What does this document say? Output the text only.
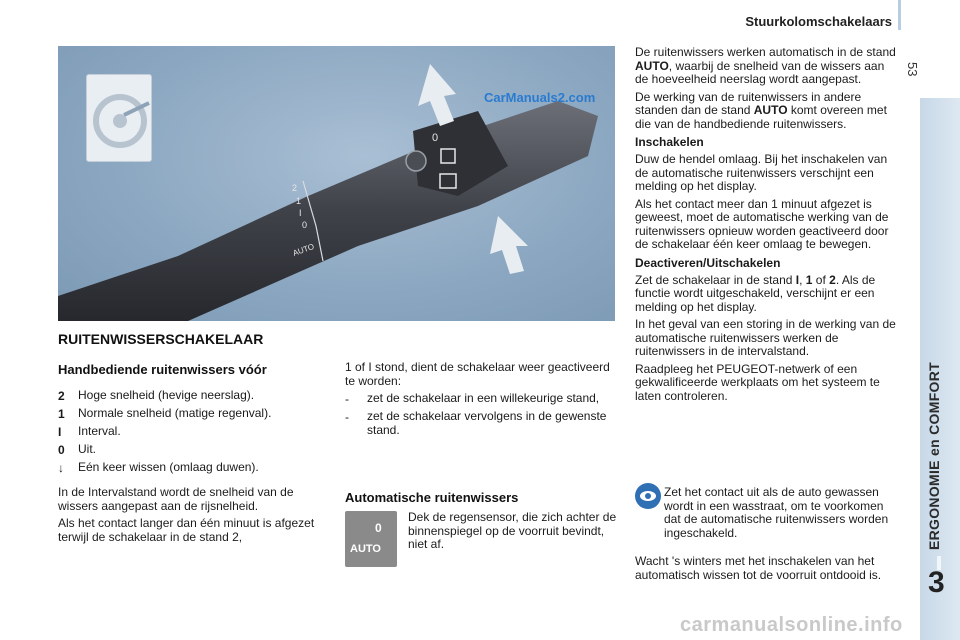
Stuurkolomschakelaars
53
ERGONOMIE en COMFORT
3
2
1
I
0
AUTO
0
CarManuals2.com
carmanualsonline.info
RUITENWISSERSCHAKELAAR
Handbediende ruitenwissers vóór
2	Hoge snelheid (hevige neerslag).
1	Normale snelheid (matige regenval).
I	Interval.
0	Uit.
↓	Eén keer wissen (omlaag duwen).

In de Intervalstand wordt de snelheid van de wissers aangepast aan de rijsnelheid.

Als het contact langer dan één minuut is afgezet terwijl de schakelaar in de stand 2,

1 of I stond, dient de schakelaar weer geactiveerd te worden:

-	zet de schakelaar in een willekeurige stand,
-	zet de schakelaar vervolgens in de gewenste stand.
Automatische ruitenwissers
0
AUTO

Dek de regensensor, die zich achter de binnenspiegel op de voorruit bevindt, niet af.

De ruitenwissers werken automatisch in de stand AUTO, waarbij de snelheid van de wissers aan de hoeveelheid neerslag wordt aangepast.

De werking van de ruitenwissers in andere standen dan de stand AUTO komt overeen met die van de handbediende ruitenwissers.

Inschakelen

Duw de hendel omlaag. Bij het inschakelen van de automatische ruitenwissers verschijnt een melding op het display.

Als het contact meer dan 1 minuut afgezet is geweest, moet de automatische werking van de ruitenwissers opnieuw worden geactiveerd door de schakelaar één keer omlaag te bewegen.

Deactiveren/Uitschakelen

Zet de schakelaar in de stand I, 1 of 2. Als de functie wordt uitgeschakeld, verschijnt er een melding op het display.

In het geval van een storing in de werking van de automatische ruitenwissers werken de ruitenwissers in de intervalstand.

Raadpleeg het PEUGEOT-netwerk of een gekwalificeerde werkplaats om het systeem te laten controleren.

Zet het contact uit als de auto gewassen wordt in een wasstraat, om te voorkomen dat de automatische ruitenwissers worden ingeschakeld.

Wacht 's winters met het inschakelen van het automatisch wissen tot de voorruit ontdooid is.
